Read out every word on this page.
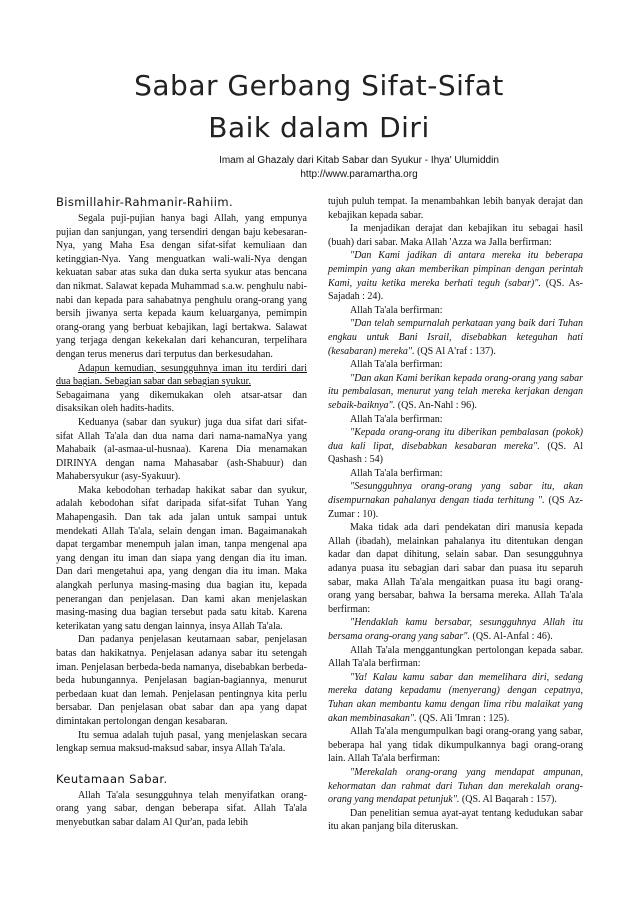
Sabar Gerbang Sifat-Sifat
Baik dalam Diri
Imam al Ghazaly dari Kitab Sabar dan Syukur - Ihya' Ulumiddin
http://www.paramartha.org
Bismillahir-Rahmanir-Rahiim.

Segala puji-pujian hanya bagi Allah, yang empunya pujian dan sanjungan, yang tersendiri dengan baju kebesaran-Nya, yang Maha Esa dengan sifat-sifat kemuliaan dan ketinggian-Nya. Yang menguatkan wali-wali-Nya dengan kekuatan sabar atas suka dan duka serta syukur atas bencana dan nikmat. Salawat kepada Muhammad s.a.w. penghulu nabi-nabi dan kepada para sahabatnya penghulu orang-orang yang bersih jiwanya serta kepada kaum keluarganya, pemimpin orang-orang yang berbuat kebajikan, lagi bertakwa. Salawat yang terjaga dengan kekekalan dari kehancuran, terpelihara dengan terus menerus dari terputus dan berkesudahan.

Adapun kemudian, sesungguhnya iman itu terdiri dari dua bagian. Sebagian sabar dan sebagian syukur.

Sebagaimana yang dikemukakan oleh atsar-atsar dan disaksikan oleh hadits-hadits.

Keduanya (sabar dan syukur) juga dua sifat dari sifat-sifat Allah Ta'ala dan dua nama dari nama-namaNya yang Mahabaik (al-asmaa-ul-husnaa). Karena Dia menamakan DIRINYA dengan nama Mahasabar (ash-Shabuur) dan Mahabersyukur (asy-Syakuur).

Maka kebodohan terhadap hakikat sabar dan syukur, adalah kebodohan sifat daripada sifat-sifat Tuhan Yang Mahapengasih. Dan tak ada jalan untuk sampai untuk mendekati Allah Ta'ala, selain dengan iman. Bagaimanakah dapat tergambar menempuh jalan iman, tanpa mengenal apa yang dengan itu iman dan siapa yang dengan dia itu iman. Dan dari mengetahui apa, yang dengan dia itu iman. Maka alangkah perlunya masing-masing dua bagian itu, kepada penerangan dan penjelasan. Dan kami akan menjelaskan masing-masing dua bagian tersebut pada satu kitab. Karena keterikatan yang satu dengan lainnya, insya Allah Ta'ala.

Dan padanya penjelasan keutamaan sabar, penjelasan batas dan hakikatnya. Penjelasan adanya sabar itu setengah iman. Penjelasan berbeda-beda namanya, disebabkan berbeda-beda hubungannya. Penjelasan bagian-bagiannya, menurut perbedaan kuat dan lemah. Penjelasan pentingnya kita perlu bersabar. Dan penjelasan obat sabar dan apa yang dapat dimintakan pertolongan dengan kesabaran.

Itu semua adalah tujuh pasal, yang menjelaskan secara lengkap semua maksud-maksud sabar, insya Allah Ta'ala.

Keutamaan Sabar.

Allah Ta'ala sesungguhnya telah menyifatkan orang-orang yang sabar, dengan beberapa sifat. Allah Ta'ala menyebutkan sabar dalam Al Qur'an, pada lebih

tujuh puluh tempat. Ia menambahkan lebih banyak derajat dan kebajikan kepada sabar.

Ia menjadikan derajat dan kebajikan itu sebagai hasil (buah) dari sabar. Maka Allah 'Azza wa Jalla berfirman:

"Dan Kami jadikan di antara mereka itu beberapa pemimpin yang akan memberikan pimpinan dengan perintah Kami, yaitu ketika mereka berhati teguh (sabar)". (QS. As-Sajadah : 24).

Allah Ta'ala berfirman:

"Dan telah sempurnalah perkataan yang baik dari Tuhan engkau untuk Bani Israil, disebabkan keteguhan hati (kesabaran) mereka". (QS Al A'raf : 137).

Allah Ta'ala berfirman:

"Dan akan Kami berikan kepada orang-orang yang sabar itu pembalasan, menurut yang telah mereka kerjakan dengan sebaik-baiknya". (QS. An-Nahl : 96).

Allah Ta'ala berfirman:

"Kepada orang-orang itu diberikan pembalasan (pokok) dua kali lipat, disebabkan kesabaran mereka". (QS. Al Qashash : 54)

Allah Ta'ala berfirman:

"Sesungguhnya orang-orang yang sabar itu, akan disempurnakan pahalanya dengan tiada terhitung ". (QS Az-Zumar : 10).

Maka tidak ada dari pendekatan diri manusia kepada Allah (ibadah), melainkan pahalanya itu ditentukan dengan kadar dan dapat dihitung, selain sabar. Dan sesungguhnya adanya puasa itu sebagian dari sabar dan puasa itu separuh sabar, maka Allah Ta'ala mengaitkan puasa itu bagi orang-orang yang bersabar, bahwa Ia bersama mereka. Allah Ta'ala berfirman:

"Hendaklah kamu bersabar, sesungguhnya Allah itu bersama orang-orang yang sabar". (QS. Al-Anfal : 46).

Allah Ta'ala menggantungkan pertolongan kepada sabar. Allah Ta'ala berfirman:

"Ya! Kalau kamu sabar dan memelihara diri, sedang mereka datang kepadamu (menyerang) dengan cepatnya, Tuhan akan membantu kamu dengan lima ribu malaikat yang akan membinasakan". (QS. Ali 'Imran : 125).

Allah Ta'ala mengumpulkan bagi orang-orang yang sabar, beberapa hal yang tidak dikumpulkannya bagi orang-orang lain. Allah Ta'ala berfirman:

"Merekalah orang-orang yang mendapat ampunan, kehormatan dan rahmat dari Tuhan dan merekalah orang-orang yang mendapat petunjuk". (QS. Al Baqarah : 157).

Dan penelitian semua ayat-ayat tentang kedudukan sabar itu akan panjang bila diteruskan.
